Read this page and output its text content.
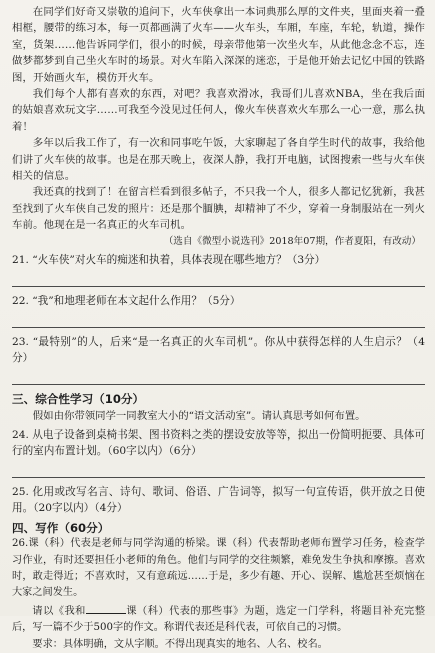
在同学们好奇又崇敬的追问下，火车侠拿出一本词典那么厚的文件夹，里面夹着一叠相框，腰带的练习本，每一页都画满了火车——火车头，车厢，车座，车轮，轨道，操作室，货架……他告诉同学们，很小的时候，母亲带他第一次坐火车，从此他念念不忘，连做梦都梦到自己坐火车时的场景。对火车陷入深深的迷恋，于是他开始去记忆中国的铁路图，开始画火车，模仿开火车。

我们每个人都有喜欢的东西，对吧？我喜欢滑冰，我哥们儿喜欢NBA，坐在我后面的姑娘喜欢玩文字……可我至今没见过任何人，像火车侠喜欢火车那么一心一意，那么执着！

多年以后我工作了，有一次和同事吃午饭，大家聊起了各自学生时代的故事，我给他们讲了火车侠的故事。也是在那天晚上，夜深人静，我打开电脑，试图搜索一些与火车侠相关的信息。

我还真的找到了！在留言栏看到很多帖子，不只我一个人，很多人都记忆犹新，我甚至找到了火车侠自己发的照片：还是那个腼腆，却精神了不少，穿着一身制服站在一列火车前。他现在是一名真正的火车司机。

（选自《微型小说选刊》2018年07期，作者夏阳，有改动）

21. “火车侠”对火车的痴迷和执着，具体表现在哪些地方？（3分）
22. “我”和地理老师在本文起什么作用？（5分）
23. “最特别”的人，后来“是一名真正的火车司机”。你从中获得怎样的人生启示？（4分）
三、综合性学习（10分）

假如由你带领同学一同教室大小的“语文活动室”。请认真思考如何布置。

24. 从电子设备到桌椅书架、图书资料之类的摆设安放等等，拟出一份简明扼要、具体可行的室内布置计划。（60字以内）（6分）
25. 化用或改写名言、诗句、歌词、俗语、广告词等，拟写一句宣传语，供开放之日使用。（20字以内）（4分）
四、写作（60分）

26.课（科）代表是老师与同学沟通的桥梁。课（科）代表帮助老师布置学习任务，检查学习作业，有时还要担任小老师的角色。他们与同学的交往频繁，难免发生争执和摩擦。喜欢时，敢走得近；不喜欢时，又有意疏远……于是，多少有趣、开心、误解、尴尬甚至烦恼在大家之间发生。

请以《我和	课（科）代表的那些事》为题，选定一门学科，将题目补充完整后，写一篇不少于500字的作文。称谓代表还是科代表，可依自己的习惯。

要求：具体明确，文从字顺。不得出现真实的地名、人名、校名。
